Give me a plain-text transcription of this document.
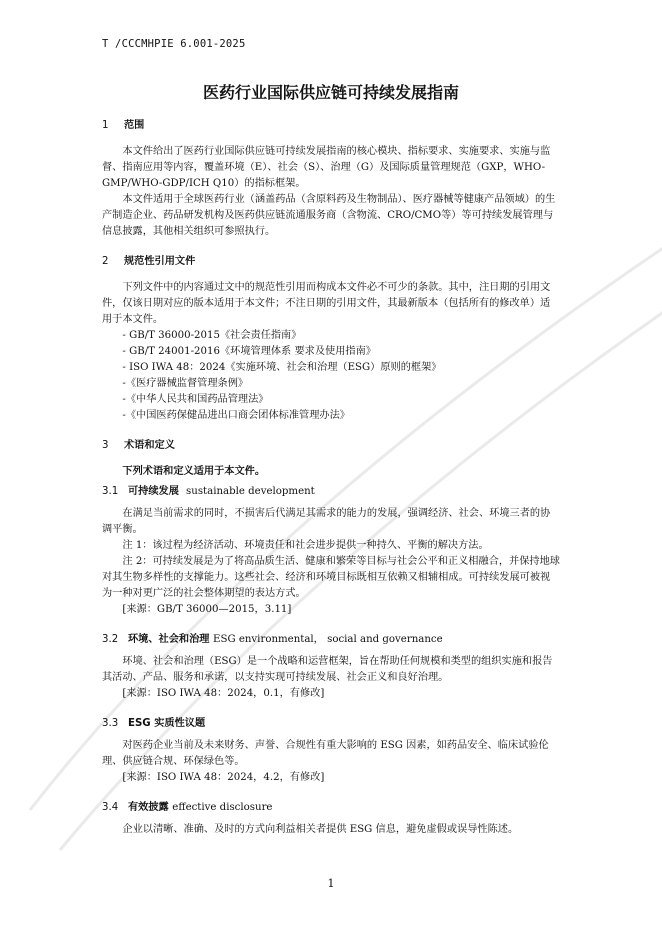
T /CCCMHPIE 6.001-2025
医药行业国际供应链可持续发展指南
1 范围

本文件给出了医药行业国际供应链可持续发展指南的核心模块、指标要求、实施要求、实施与监督、指南应用等内容，覆盖环境（E）、社会（S）、治理（G）及国际质量管理规范（GXP，WHO-GMP/WHO-GDP/ICH Q10）的指标框架。

本文件适用于全球医药行业（涵盖药品（含原料药及生物制品）、医疗器械等健康产品领域）的生产制造企业、药品研发机构及医药供应链流通服务商（含物流、CRO/CMO等）等可持续发展管理与信息披露，其他相关组织可参照执行。

2 规范性引用文件

下列文件中的内容通过文中的规范性引用而构成本文件必不可少的条款。其中，注日期的引用文件，仅该日期对应的版本适用于本文件；不注日期的引用文件，其最新版本（包括所有的修改单）适用于本文件。

- GB/T 36000-2015《社会责任指南》
- GB/T 24001-2016《环境管理体系 要求及使用指南》
- ISO IWA 48：2024《实施环境、社会和治理（ESG）原则的框架》
-《医疗器械监督管理条例》
-《中华人民共和国药品管理法》
-《中国医药保健品进出口商会团体标准管理办法》
3 术语和定义

下列术语和定义适用于本文件。

3.1 可持续发展 sustainable development

在满足当前需求的同时，不损害后代满足其需求的能力的发展，强调经济、社会、环境三者的协调平衡。

注 1：该过程为经济活动、环境责任和社会进步提供一种持久、平衡的解决方法。

注 2：可持续发展是为了将高品质生活、健康和繁荣等目标与社会公平和正义相融合，并保持地球对其生物多样性的支撑能力。这些社会、经济和环境目标既相互依赖又相辅相成。可持续发展可被视为一种对更广泛的社会整体期望的表达方式。

[来源：GB/T 36000—2015，3.11]

3.2 环境、社会和治理 ESG environmental， social and governance

环境、社会和治理（ESG）是一个战略和运营框架，旨在帮助任何规模和类型的组织实施和报告其活动、产品、服务和承诺，以支持实现可持续发展、社会正义和良好治理。

[来源：ISO IWA 48：2024，0.1，有修改]

3.3 ESG 实质性议题

对医药企业当前及未来财务、声誉、合规性有重大影响的 ESG 因素，如药品安全、临床试验伦理、供应链合规、环保绿色等。

[来源：ISO IWA 48：2024，4.2，有修改]

3.4 有效披露 effective disclosure

企业以清晰、准确、及时的方式向利益相关者提供 ESG 信息，避免虚假或误导性陈述。

1
